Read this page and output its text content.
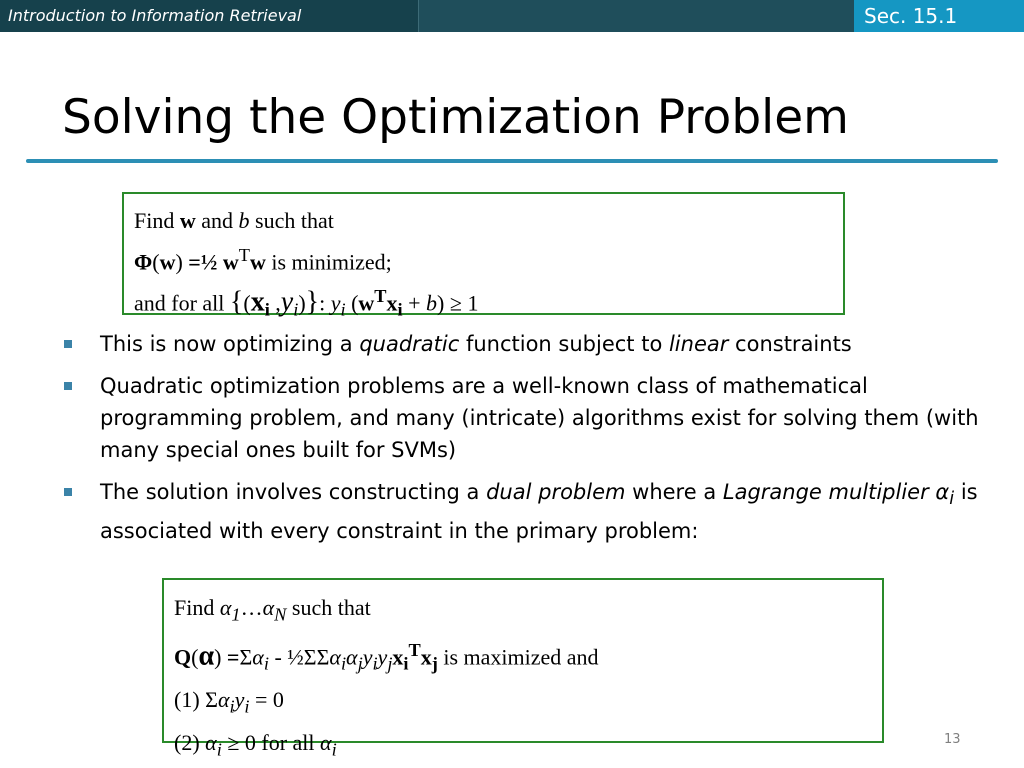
Introduction to Information Retrieval	Sec. 15.1
Solving the Optimization Problem
Find w and b such that
Φ(w) =½ $w^Tw$ is minimized;
and for all {($x_i$ $,y_i$)}: $y_i$ $(w^Tx_i + b) \ge 1$
This is now optimizing a quadratic function subject to linear constraints
Quadratic optimization problems are a well-known class of mathematical programming problem, and many (intricate) algorithms exist for solving them (with many special ones built for SVMs)
The solution involves constructing a dual problem where a Lagrange multiplier $\alpha_i$ is associated with every constraint in the primary problem:
Find $\alpha_1\dots\alpha_N$ such that
$Q(\alpha) =\Sigma\alpha_i$ - $\frac{1}{2}\Sigma\Sigma\alpha_i\alpha_jy_iy_jx_i^Tx_j$ is maximized and
(1) $\Sigma\alpha_iy_i = 0$
(2) $\alpha_i \ge 0$ for all $\alpha_i$	13
